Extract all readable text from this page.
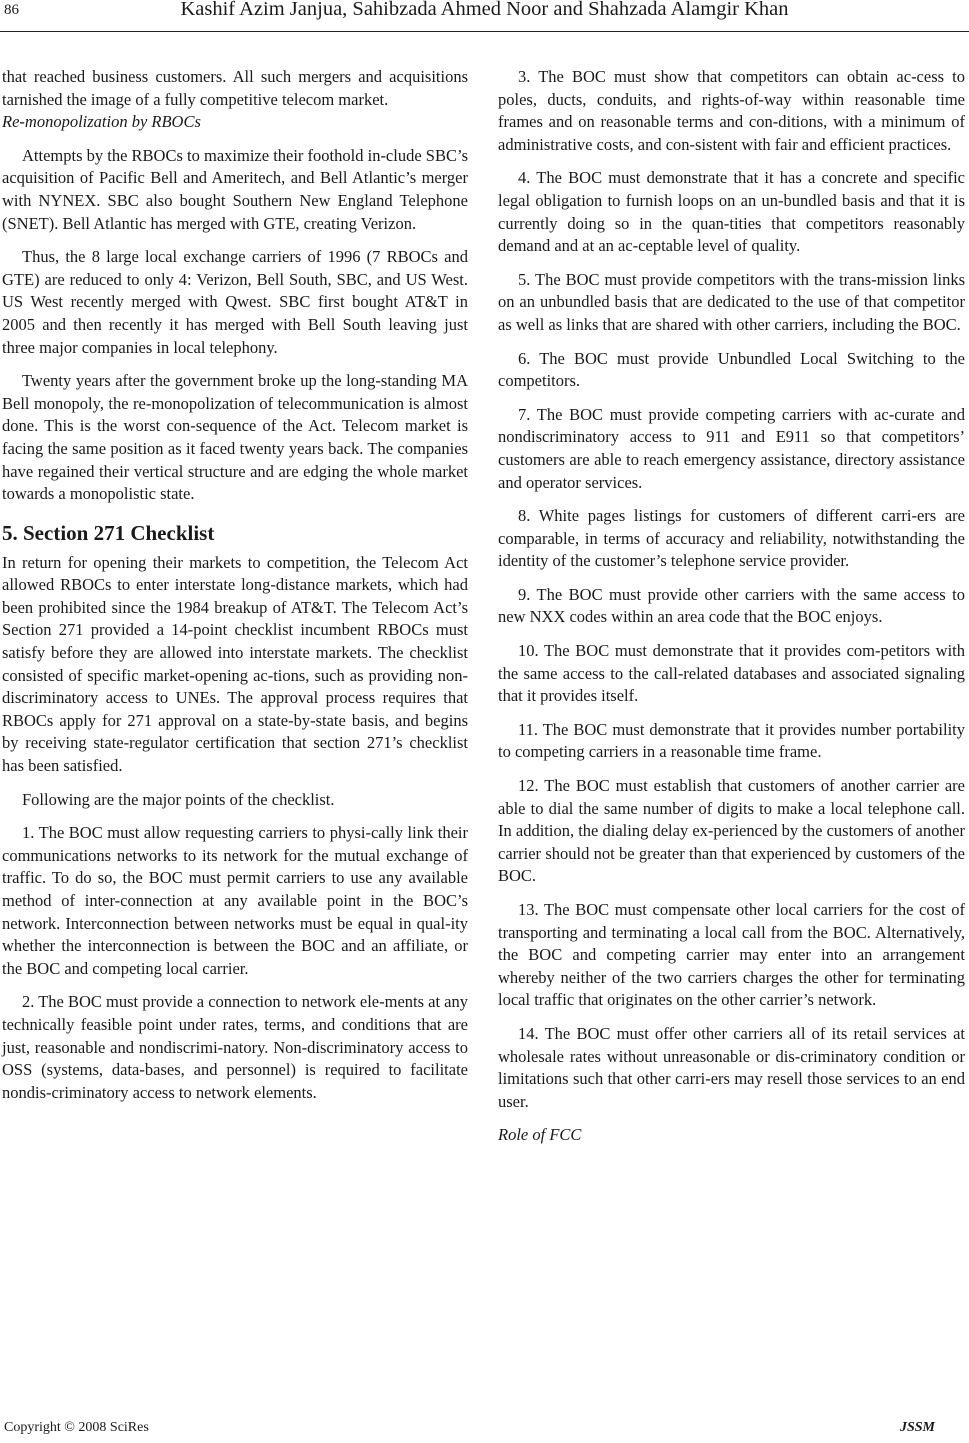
86	Kashif Azim Janjua, Sahibzada Ahmed Noor and Shahzada Alamgir Khan

that reached business customers. All such mergers and acquisitions tarnished the image of a fully competitive telecom market.

Re-monopolization by RBOCs

Attempts by the RBOCs to maximize their foothold in-clude SBC’s acquisition of Pacific Bell and Ameritech, and Bell Atlantic’s merger with NYNEX. SBC also bought Southern New England Telephone (SNET). Bell Atlantic has merged with GTE, creating Verizon.

Thus, the 8 large local exchange carriers of 1996 (7 RBOCs and GTE) are reduced to only 4: Verizon, Bell South, SBC, and US West. US West recently merged with Qwest. SBC first bought AT&T in 2005 and then recently it has merged with Bell South leaving just three major companies in local telephony.

Twenty years after the government broke up the long-standing MA Bell monopoly, the re-monopolization of telecommunication is almost done. This is the worst con-sequence of the Act. Telecom market is facing the same position as it faced twenty years back. The companies have regained their vertical structure and are edging the whole market towards a monopolistic state.

5. Section 271 Checklist

In return for opening their markets to competition, the Telecom Act allowed RBOCs to enter interstate long-distance markets, which had been prohibited since the 1984 breakup of AT&T. The Telecom Act’s Section 271 provided a 14-point checklist incumbent RBOCs must satisfy before they are allowed into interstate markets. The checklist consisted of specific market-opening ac-tions, such as providing non-discriminatory access to UNEs. The approval process requires that RBOCs apply for 271 approval on a state-by-state basis, and begins by receiving state-regulator certification that section 271’s checklist has been satisfied.

Following are the major points of the checklist.

1. The BOC must allow requesting carriers to physi-cally link their communications networks to its network for the mutual exchange of traffic. To do so, the BOC must permit carriers to use any available method of inter-connection at any available point in the BOC’s network. Interconnection between networks must be equal in qual-ity whether the interconnection is between the BOC and an affiliate, or the BOC and competing local carrier.

2. The BOC must provide a connection to network ele-ments at any technically feasible point under rates, terms, and conditions that are just, reasonable and nondiscrimi-natory. Non-discriminatory access to OSS (systems, data-bases, and personnel) is required to facilitate nondis-criminatory access to network elements.

3. The BOC must show that competitors can obtain ac-cess to poles, ducts, conduits, and rights-of-way within reasonable time frames and on reasonable terms and con-ditions, with a minimum of administrative costs, and con-sistent with fair and efficient practices.

4. The BOC must demonstrate that it has a concrete and specific legal obligation to furnish loops on an un-bundled basis and that it is currently doing so in the quan-tities that competitors reasonably demand and at an ac-ceptable level of quality.

5. The BOC must provide competitors with the trans-mission links on an unbundled basis that are dedicated to the use of that competitor as well as links that are shared with other carriers, including the BOC.

6. The BOC must provide Unbundled Local Switching to the competitors.

7. The BOC must provide competing carriers with ac-curate and nondiscriminatory access to 911 and E911 so that competitors’ customers are able to reach emergency assistance, directory assistance and operator services.

8. White pages listings for customers of different carri-ers are comparable, in terms of accuracy and reliability, notwithstanding the identity of the customer’s telephone service provider.

9. The BOC must provide other carriers with the same access to new NXX codes within an area code that the BOC enjoys.

10. The BOC must demonstrate that it provides com-petitors with the same access to the call-related databases and associated signaling that it provides itself.

11. The BOC must demonstrate that it provides number portability to competing carriers in a reasonable time frame.

12. The BOC must establish that customers of another carrier are able to dial the same number of digits to make a local telephone call. In addition, the dialing delay ex-perienced by the customers of another carrier should not be greater than that experienced by customers of the BOC.

13. The BOC must compensate other local carriers for the cost of transporting and terminating a local call from the BOC. Alternatively, the BOC and competing carrier may enter into an arrangement whereby neither of the two carriers charges the other for terminating local traffic that originates on the other carrier’s network.

14. The BOC must offer other carriers all of its retail services at wholesale rates without unreasonable or dis-criminatory condition or limitations such that other carri-ers may resell those services to an end user.

Role of FCC

Copyright © 2008 SciRes	JSSM
